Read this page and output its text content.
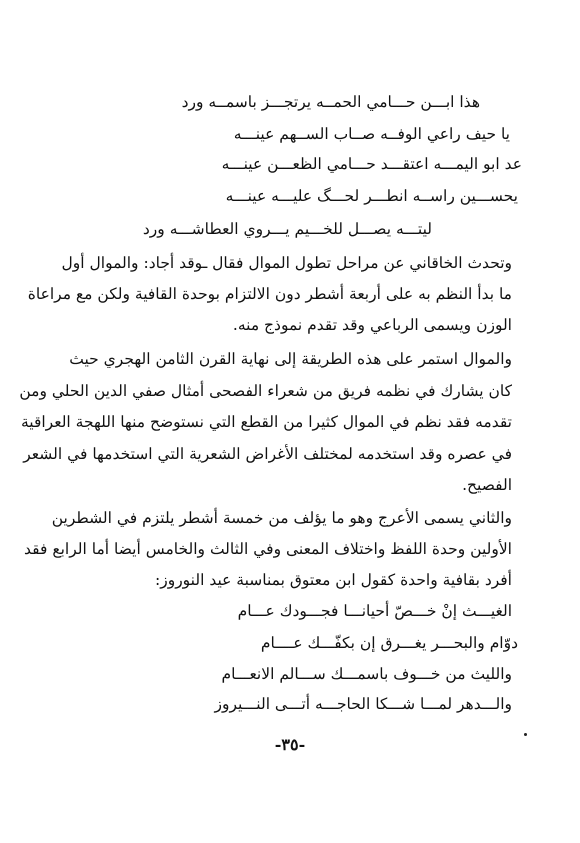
هذا ابـــن حـــامي الحمــه يرتجـــز باسمــه ورد
يا حيف راعي الوفــه صــاب الســهم عينـــه
عد ابو اليمـــه اعتقـــد حـــامي الظعـــن عينـــه
يحســـين راســه انطـــر لحـــگ عليـــه عينـــه
ليتـــه يصـــل للخـــيم يـــروي العطاشـــه ورد
وتحدث الخاقاني عن مراحل تطول الموال فقال ـوقد أجاد: والموال أول
ما بدأ النظم به على أربعة أشطر دون الالتزام بوحدة القافية ولكن مع مراعاة
الوزن ويسمى الرباعي وقد تقدم نموذج منه.
والموال استمر على هذه الطريقة إلى نهاية القرن الثامن الهجري حيث
كان يشارك في نظمه فريق من شعراء الفصحى أمثال صفي الدين الحلي ومن
تقدمه فقد نظم في الموال كثيرا من القطع التي نستوضح منها اللهجة العراقية
في عصره وقد استخدمه لمختلف الأغراض الشعرية التي استخدمها في الشعر
الفصيح.
والثاني يسمى الأعرج وهو ما يؤلف من خمسة أشطر يلتزم في الشطرين
الأولين وحدة اللفظ واختلاف المعنى وفي الثالث والخامس أيضا أما الرابع فقد
أفرد بقافية واحدة كقول ابن معتوق بمناسبة عيد النوروز:
الغيـــث إنْ خـــصّ أحيانـــا فجـــودك عـــام
دوّام والبحـــر يغـــرق إن بكفّـــك عــــام
والليث من خـــوف باسمـــك ســـالم الانعـــام
والـــدهر لمـــا شـــكا الحاجـــه أتـــى النـــيروز
-٣٥-
